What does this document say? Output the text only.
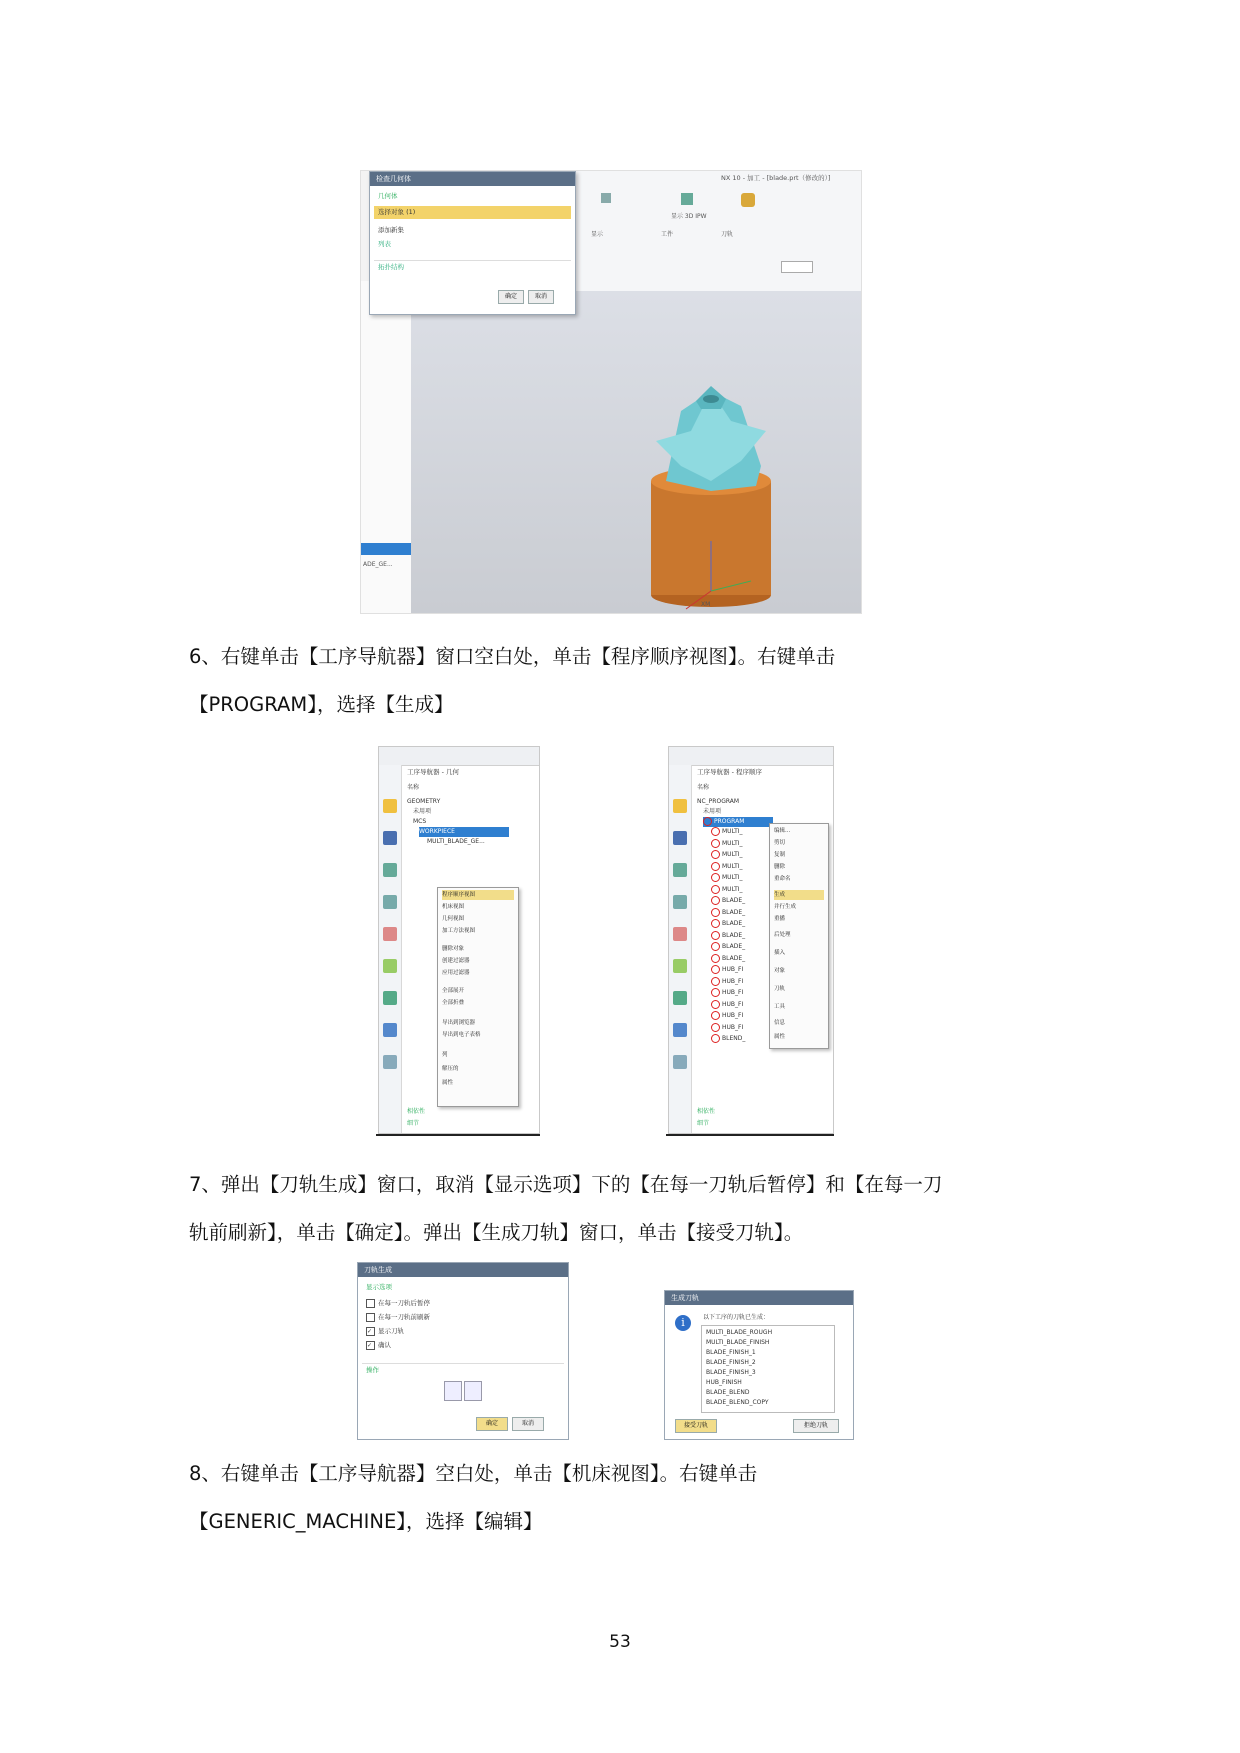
ADE_GE...
NX 10 - 加工 - [blade.prt（修改的）]
显示 3D IPW
显示	工件	刀轨
XM
检查几何体
几何体
选择对象 (1)
添加新集
列表
拓扑结构
确定	取消
6、右键单击【工序导航器】窗口空白处，单击【程序顺序视图】。右键单击
【PROGRAM】，选择【生成】
工序导航器 - 几何
名称
GEOMETRY
未用项
MCS
WORKPIECE
MULTI_BLADE_GE...
程序顺序视图
机床视图
几何视图
加工方法视图
删除对象
创建过滤器
应用过滤器
全部展开
全部折叠
导出到浏览器
导出到电子表格
列
解压的
属性
相依性
细节
工序导航器 - 程序顺序
名称
NC_PROGRAM
未用项
PROGRAM
MULTI_
MULTI_
MULTI_
MULTI_
MULTI_
MULTI_
BLADE_
BLADE_
BLADE_
BLADE_
BLADE_
BLADE_
HUB_FI
HUB_FI
HUB_FI
HUB_FI
HUB_FI
HUB_FI
BLEND_
编辑...
剪切
复制
删除
重命名
生成
并行生成
重播
后处理
插入
对象
刀轨
工具
信息
属性
相依性
细节
7、弹出【刀轨生成】窗口，取消【显示选项】下的【在每一刀轨后暂停】和【在每一刀
轨前刷新】，单击【确定】。弹出【生成刀轨】窗口，单击【接受刀轨】。
刀轨生成
显示选项
在每一刀轨后暂停
在每一刀轨前刷新
✓ 显示刀轨
✓ 确认
操作
确定	取消
生成刀轨
i	以下工序的刀轨已生成：
MULTI_BLADE_ROUGH
MULTI_BLADE_FINISH
BLADE_FINISH_1
BLADE_FINISH_2
BLADE_FINISH_3
HUB_FINISH
BLADE_BLEND
BLADE_BLEND_COPY
接受刀轨	拒绝刀轨
8、右键单击【工序导航器】空白处，单击【机床视图】。右键单击
【GENERIC_MACHINE】，选择【编辑】
53
